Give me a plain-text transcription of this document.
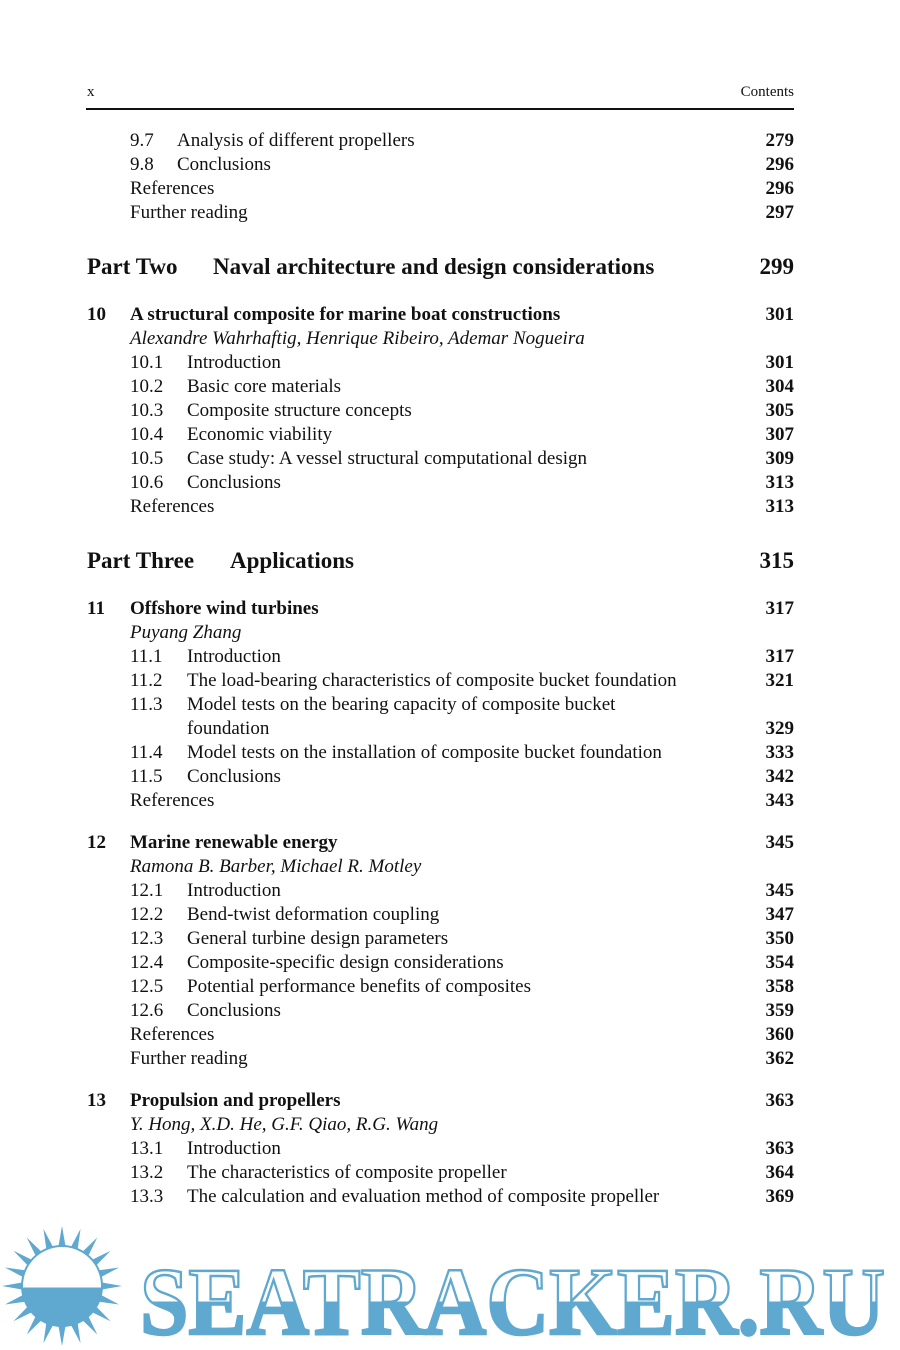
x	Contents
9.7 Analysis of different propellers	279
9.8 Conclusions	296
References	296
Further reading	297
Part Two Naval architecture and design considerations	299
10 A structural composite for marine boat constructions	301
Alexandre Wahrhaftig, Henrique Ribeiro, Ademar Nogueira
10.1 Introduction	301
10.2 Basic core materials	304
10.3 Composite structure concepts	305
10.4 Economic viability	307
10.5 Case study: A vessel structural computational design	309
10.6 Conclusions	313
References	313
Part Three Applications	315
11 Offshore wind turbines	317
Puyang Zhang
11.1 Introduction	317
11.2 The load-bearing characteristics of composite bucket foundation	321
11.3 Model tests on the bearing capacity of composite bucket
foundation	329
11.4 Model tests on the installation of composite bucket foundation	333
11.5 Conclusions	342
References	343
12 Marine renewable energy	345
Ramona B. Barber, Michael R. Motley
12.1 Introduction	345
12.2 Bend-twist deformation coupling	347
12.3 General turbine design parameters	350
12.4 Composite-specific design considerations	354
12.5 Potential performance benefits of composites	358
12.6 Conclusions	359
References	360
Further reading	362
13 Propulsion and propellers	363
Y. Hong, X.D. He, G.F. Qiao, R.G. Wang
13.1 Introduction	363
13.2 The characteristics of composite propeller	364
13.3 The calculation and evaluation method of composite propeller	369
SEATRACKER.RU
